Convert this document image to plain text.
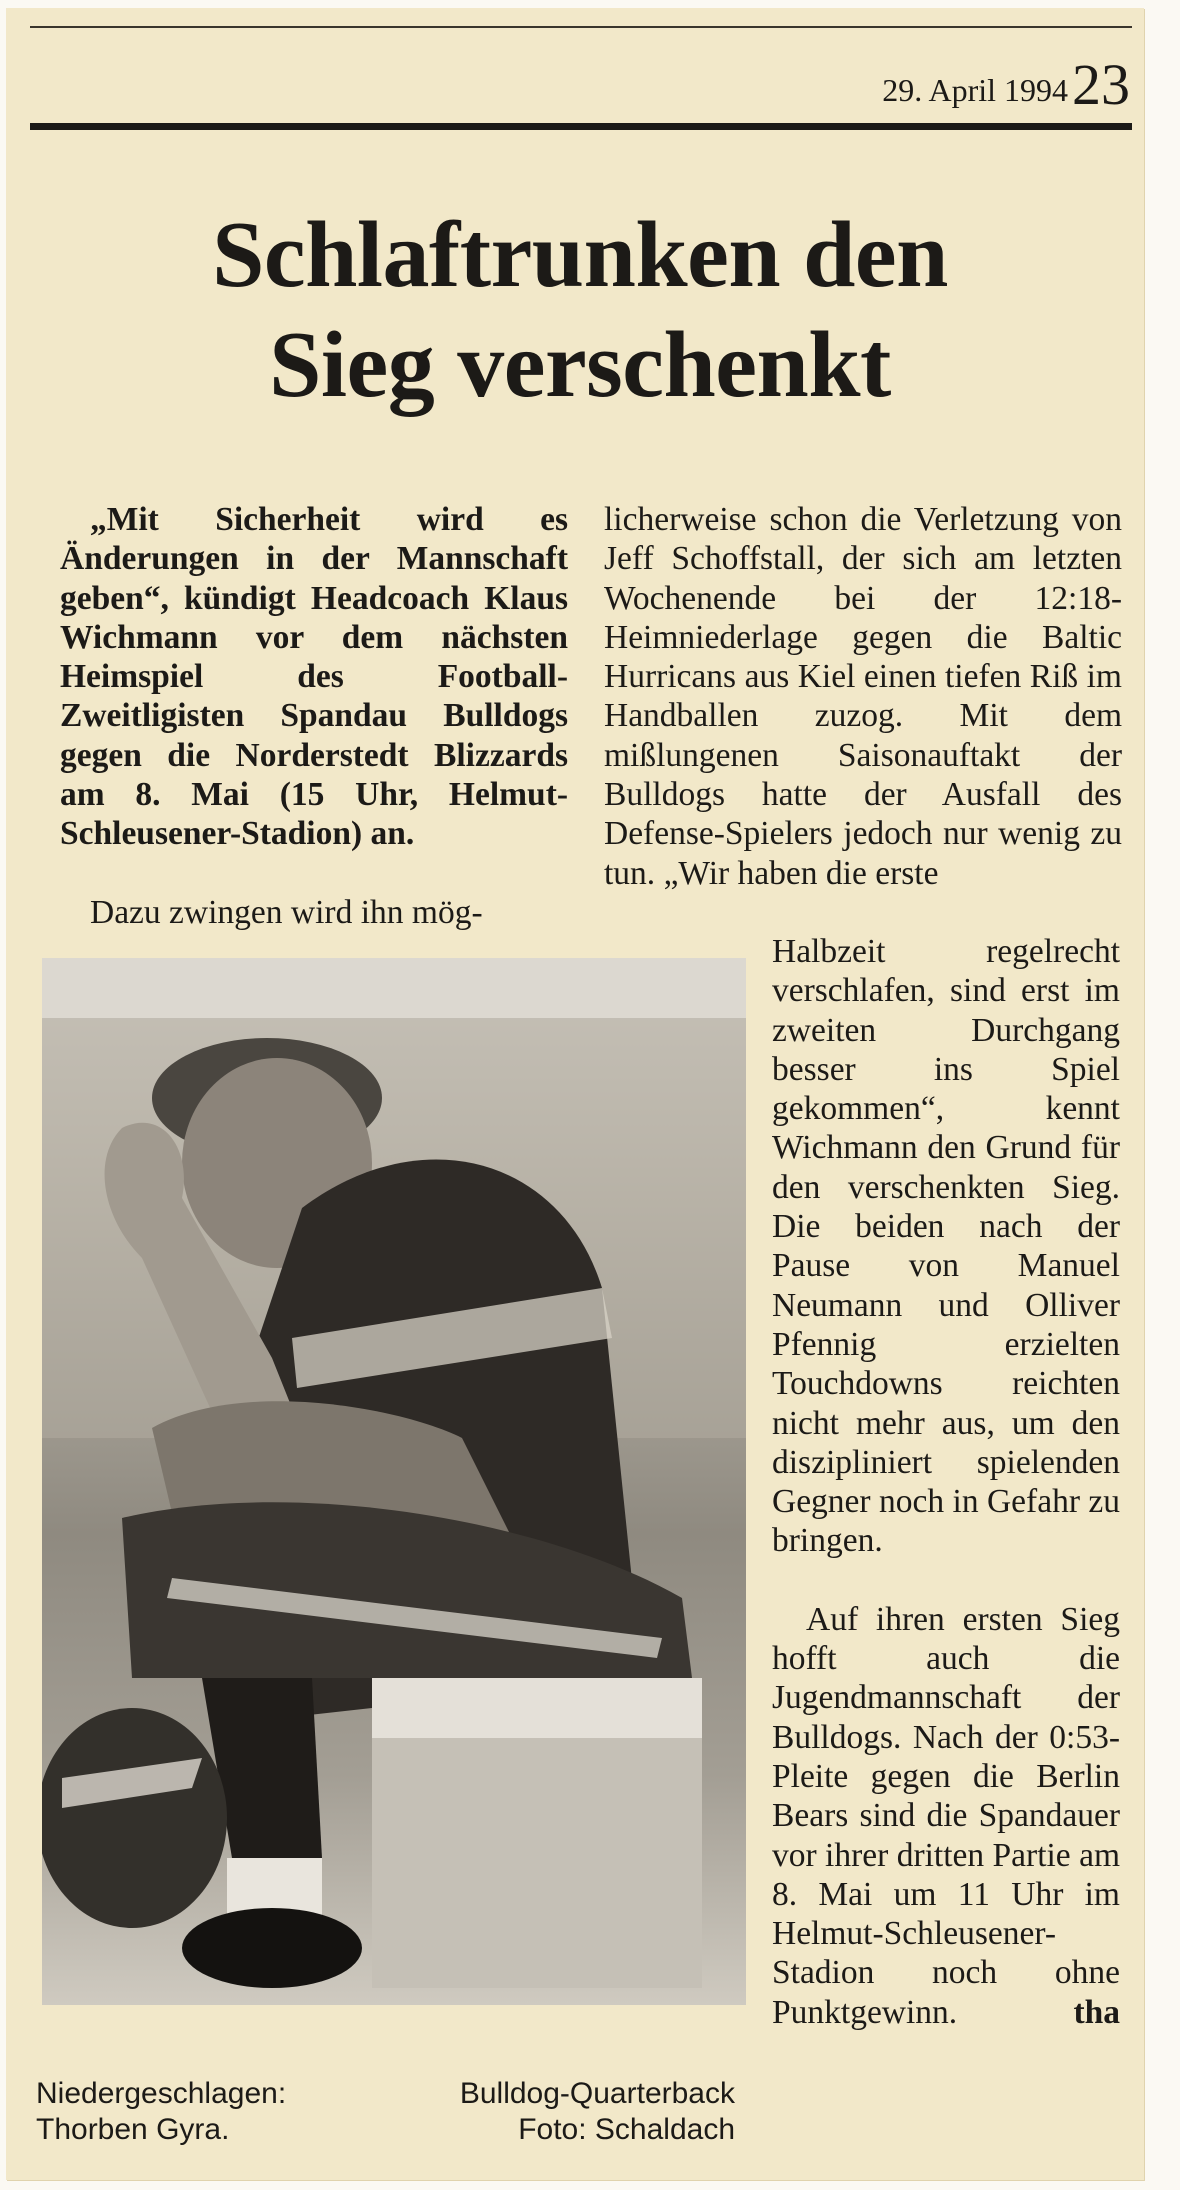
29. April 1994 23
Schlaftrunken den
Sieg verschenkt
„Mit Sicherheit wird es Änderungen in der Mannschaft geben“, kündigt Headcoach Klaus Wichmann vor dem nächsten Heimspiel des Football-Zweitligisten Spandau Bulldogs gegen die Norderstedt Blizzards am 8. Mai (15 Uhr, Helmut-Schleusener-Stadion) an.
Dazu zwingen wird ihn mög-
licherweise schon die Verletzung von Jeff Schoffstall, der sich am letzten Wochenende bei der 12:18-Heimniederlage gegen die Baltic Hurricans aus Kiel einen tiefen Riß im Handballen zuzog. Mit dem mißlungenen Saisonauftakt der Bulldogs hatte der Ausfall des Defense-Spielers jedoch nur wenig zu tun. „Wir haben die erste

Halbzeit regelrecht verschlafen, sind erst im zweiten Durchgang besser ins Spiel gekommen“, kennt Wichmann den Grund für den verschenkten Sieg. Die beiden nach der Pause von Manuel Neumann und Olliver Pfennig erzielten Touchdowns reichten nicht mehr aus, um den diszipliniert spielenden Gegner noch in Gefahr zu bringen.

Auf ihren ersten Sieg hofft auch die Jugendmannschaft der Bulldogs. Nach der 0:53-Pleite gegen die Berlin Bears sind die Spandauer vor ihrer dritten Partie am 8. Mai um 11 Uhr im Helmut-Schleusener-Stadion noch ohne Punktgewinn.	tha

Niedergeschlagen:
Thorben Gyra.
Bulldog-Quarterback
Foto: Schaldach
